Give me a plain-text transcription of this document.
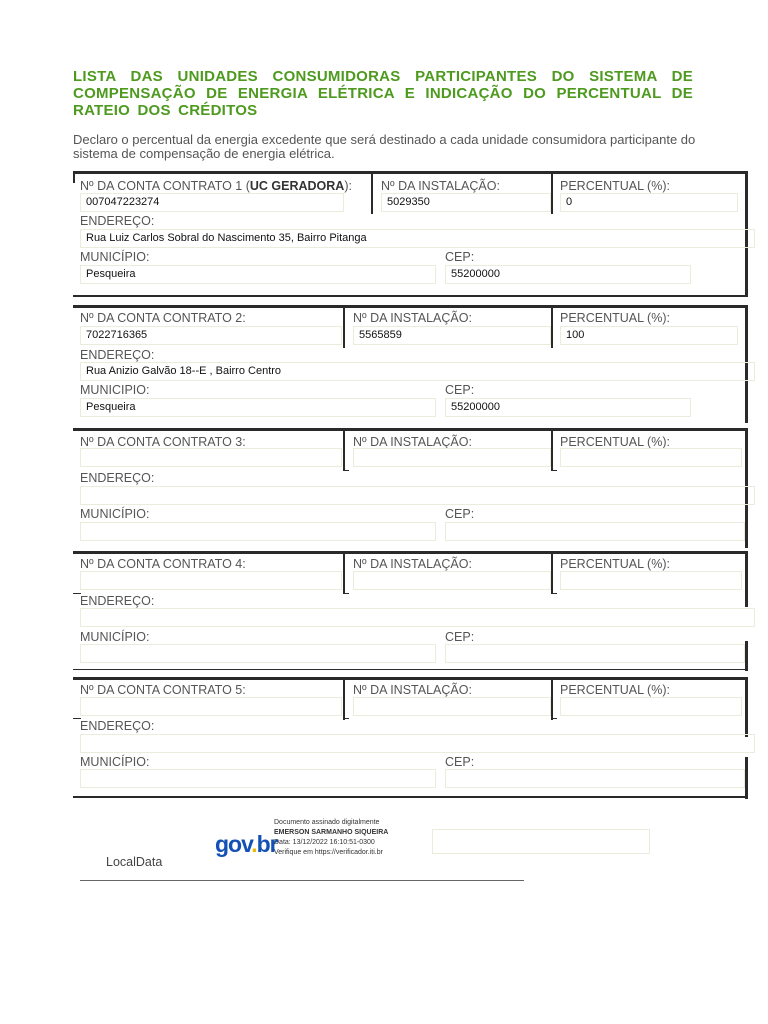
LISTA DAS UNIDADES CONSUMIDORAS PARTICIPANTES DO SISTEMA DE COMPENSAÇÃO DE ENERGIA ELÉTRICA E INDICAÇÃO DO PERCENTUAL DE RATEIO DOS CRÉDITOS
Declaro o percentual da energia excedente que será destinado a cada unidade consumidora participante do sistema de compensação de energia elétrica.
Nº DA CONTA CONTRATO 1 (UC GERADORA): Nº DA INSTALAÇÃO:	PERCENTUAL (%):
007047223274	5029350	0
ENDEREÇO:
Rua Luiz Carlos Sobral do Nascimento 35, Bairro Pitanga
MUNICÍPIO:	CEP:
Pesqueira	55200000
Nº DA CONTA CONTRATO 2:	Nº DA INSTALAÇÃO:	PERCENTUAL (%):
7022716365	5565859	100
ENDEREÇO:
Rua Anizio Galvão 18--E , Bairro Centro
MUNICIPIO:	CEP:
Pesqueira	55200000
Nº DA CONTA CONTRATO 3:	Nº DA INSTALAÇÃO:	PERCENTUAL (%):
ENDEREÇO:
MUNICÍPIO:	CEP:
Nº DA CONTA CONTRATO 4:	Nº DA INSTALAÇÃO:	PERCENTUAL (%):
ENDEREÇO:
MUNICÍPIO:	CEP:
Nº DA CONTA CONTRATO 5:	Nº DA INSTALAÇÃO:	PERCENTUAL (%):
ENDEREÇO:
MUNICÍPIO:	CEP:
gov.br
Documento assinado digitalmente
EMERSON SARMANHO SIQUEIRA
Data: 13/12/2022 16:10:51-0300
Verifique em https://verificador.iti.br
LocalData
